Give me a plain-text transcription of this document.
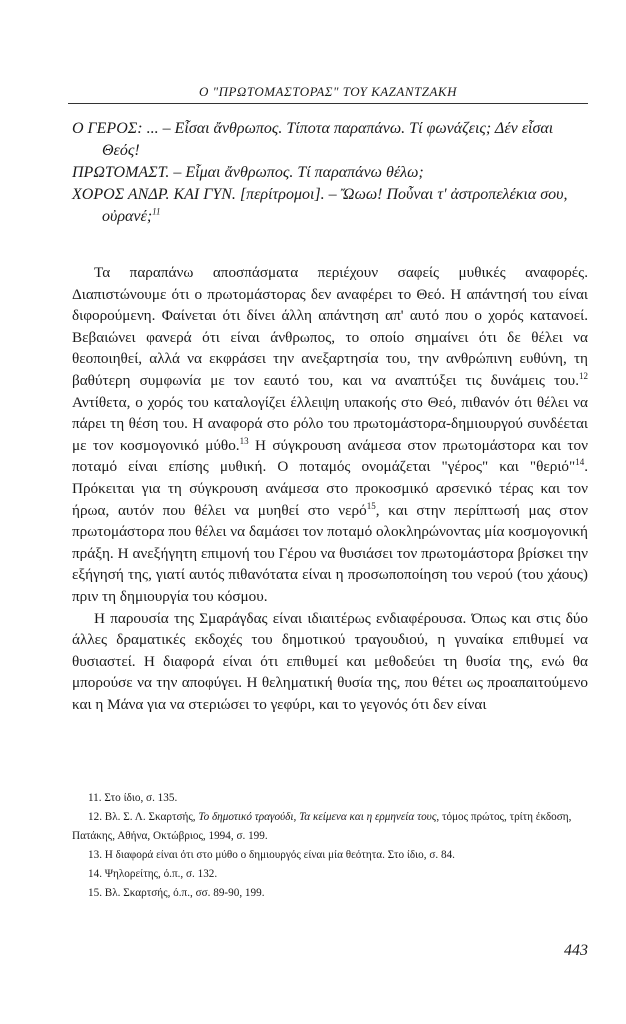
Ο "ΠΡΩΤΟΜΑΣΤΟΡΑΣ" ΤΟΥ ΚΑΖΑΝΤΖΑΚΗ

Ο ΓΕΡΟΣ: ... – Εἶσαι ἄνθρωπος. Τίποτα παραπάνω. Τί φωνάζεις; Δέν εἶσαι Θεός!

ΠΡΩΤΟΜΑΣΤ. – Εἶμαι ἄνθρωπος. Τί παραπάνω θέλω;

ΧΟΡΟΣ ΑΝΔΡ. ΚΑΙ ΓΥΝ. [περίτρομοι]. – Ὤωω! Ποὖναι τ' ἀστροπελέκια σου, οὐρανέ;$^{11}$

Τα παραπάνω αποσπάσματα περιέχουν σαφείς μυθικές αναφορές. Διαπιστώνουμε ότι ο πρωτομάστορας δεν αναφέρει το Θεό. Η απάντησή του είναι διφορούμενη. Φαίνεται ότι δίνει άλλη απάντηση απ' αυτό που ο χορός κατανοεί. Βεβαιώνει φανερά ότι είναι άνθρωπος, το οποίο σημαίνει ότι δε θέλει να θεοποιηθεί, αλλά να εκφράσει την ανεξαρτησία του, την ανθρώπινη ευθύνη, τη βαθύτερη συμφωνία με τον εαυτό του, και να αναπτύξει τις δυνάμεις του.$^{12}$ Αντίθετα, ο χορός του καταλογίζει έλλειψη υπακοής στο Θεό, πιθανόν ότι θέλει να πάρει τη θέση του. Η αναφορά στο ρόλο του πρωτομάστορα-δημιουργού συνδέεται με τον κοσμογονικό μύθο.$^{13}$ Η σύγκρουση ανάμεσα στον πρωτομάστορα και τον ποταμό είναι επίσης μυθική. Ο ποταμός ονομάζεται "γέρος" και "θεριό"$^{14}$. Πρόκειται για τη σύγκρουση ανάμεσα στο προκοσμικό αρσενικό τέρας και τον ήρωα, αυτόν που θέλει να μυηθεί στο νερό$^{15}$, και στην περίπτωσή μας στον πρωτομάστορα που θέλει να δαμάσει τον ποταμό ολοκληρώνοντας μία κοσμογονική πράξη. Η ανεξήγητη επιμονή του Γέρου να θυσιάσει τον πρωτομάστορα βρίσκει την εξήγησή της, γιατί αυτός πιθανότατα είναι η προσωποποίηση του νερού (του χάους) πριν τη δημιουργία του κόσμου.

Η παρουσία της Σμαράγδας είναι ιδιαιτέρως ενδιαφέρουσα. Όπως και στις δύο άλλες δραματικές εκδοχές του δημοτικού τραγουδιού, η γυναίκα επιθυμεί να θυσιαστεί. Η διαφορά είναι ότι επιθυμεί και μεθοδεύει τη θυσία της, ενώ θα μπορούσε να την αποφύγει. Η θεληματική θυσία της, που θέτει ως προαπαιτούμενο και η Μάνα για να στεριώσει το γεφύρι, και το γεγονός ότι δεν είναι

11. Στο ίδιο, σ. 135.

12. Βλ. Σ. Λ. Σκαρτσής, Το δημοτικό τραγούδι, Τα κείμενα και η ερμηνεία τους, τόμος πρώτος, τρίτη έκδοση, Πατάκης, Αθήνα, Οκτώβριος, 1994, σ. 199.

13. Η διαφορά είναι ότι στο μύθο ο δημιουργός είναι μία θεότητα. Στο ίδιο, σ. 84.

14. Ψηλορείτης, ό.π., σ. 132.

15. Βλ. Σκαρτσής, ό.π., σσ. 89-90, 199.

443
